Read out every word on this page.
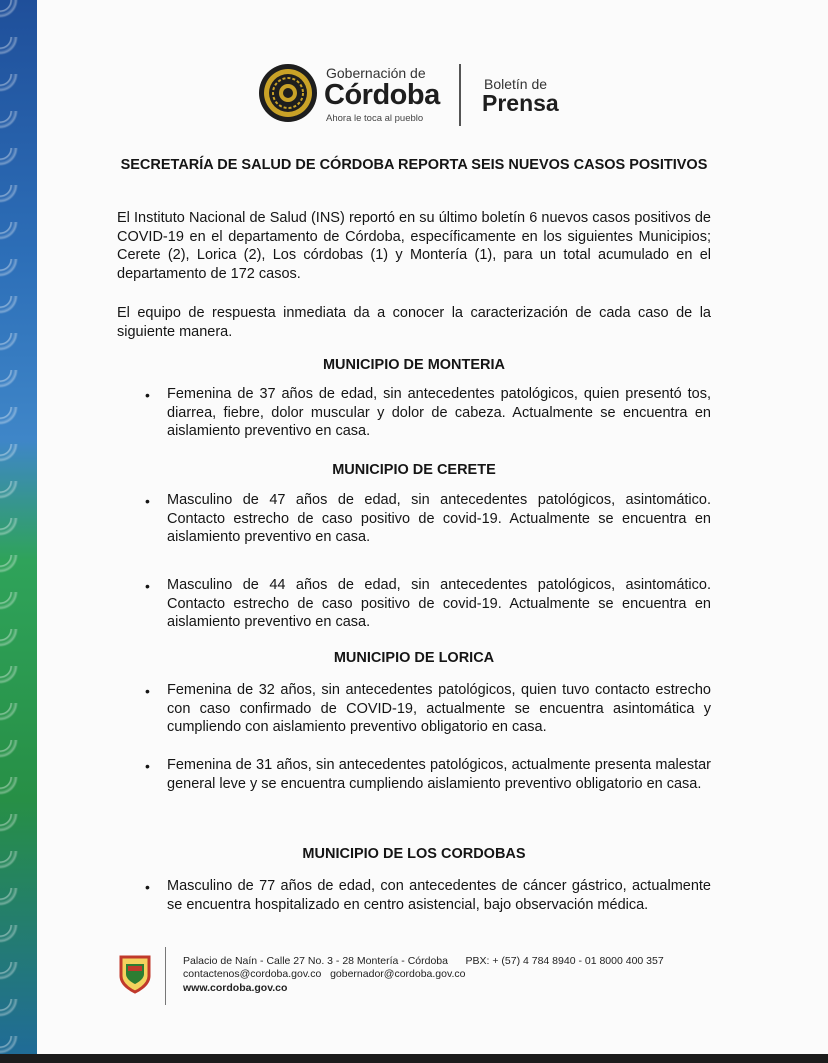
Gobernación de
Córdoba
Ahora le toca al pueblo
Boletín de
Prensa
SECRETARÍA DE SALUD DE CÓRDOBA REPORTA SEIS NUEVOS CASOS POSITIVOS
El Instituto Nacional de Salud (INS) reportó en su último boletín 6 nuevos casos positivos de COVID-19 en el departamento de Córdoba, específicamente en los siguientes Municipios; Cerete (2), Lorica (2), Los córdobas (1) y Montería (1), para un total acumulado en el departamento de 172 casos.
El equipo de respuesta inmediata da a conocer la caracterización de cada caso de la siguiente manera.
MUNICIPIO DE MONTERIA
• Femenina de 37 años de edad, sin antecedentes patológicos, quien presentó tos, diarrea, fiebre, dolor muscular y dolor de cabeza. Actualmente se encuentra en aislamiento preventivo en casa.
MUNICIPIO DE CERETE
• Masculino de 47 años de edad, sin antecedentes patológicos, asintomático. Contacto estrecho de caso positivo de covid-19. Actualmente se encuentra en aislamiento preventivo en casa.
• Masculino de 44 años de edad, sin antecedentes patológicos, asintomático. Contacto estrecho de caso positivo de covid-19. Actualmente se encuentra en aislamiento preventivo en casa.
MUNICIPIO DE LORICA
• Femenina de 32 años, sin antecedentes patológicos, quien tuvo contacto estrecho con caso confirmado de COVID-19, actualmente se encuentra asintomática y cumpliendo con aislamiento preventivo obligatorio en casa.
• Femenina de 31 años, sin antecedentes patológicos, actualmente presenta malestar general leve y se encuentra cumpliendo aislamiento preventivo obligatorio en casa.
MUNICIPIO DE LOS CORDOBAS
• Masculino de 77 años de edad, con antecedentes de cáncer gástrico, actualmente se encuentra hospitalizado en centro asistencial, bajo observación médica.
Palacio de Naín - Calle 27 No. 3 - 28 Montería - Córdoba PBX: + (57) 4 784 8940 - 01 8000 400 357
contactenos@cordoba.gov.co gobernador@cordoba.gov.co
www.cordoba.gov.co
